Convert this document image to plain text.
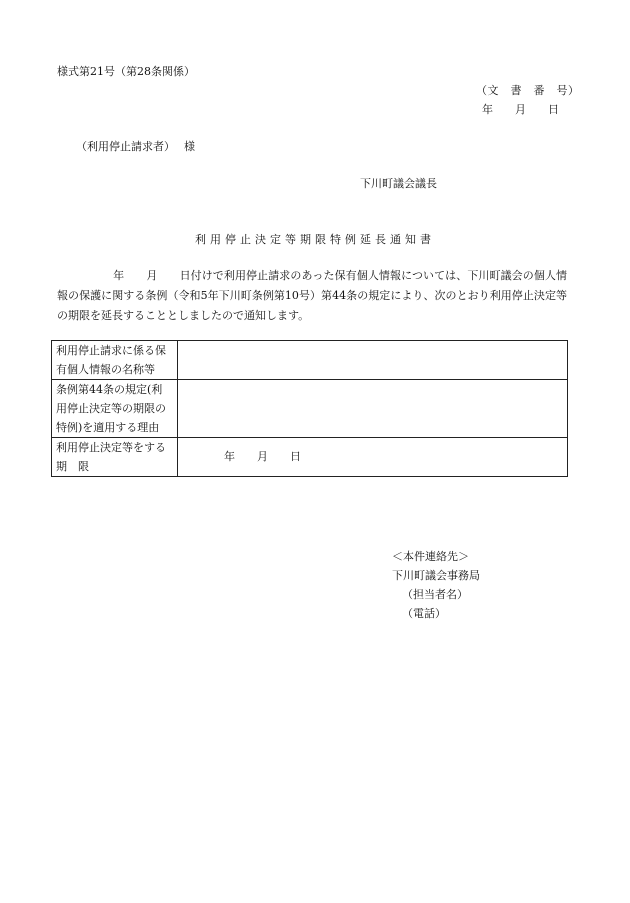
様式第21号（第28条関係）
（文　書　番　号）
年　　月　　日
（利用停止請求者）　 様
下川町議会議長
利用停止決定等期限特例延長通知書
年　　月　　日付けで利用停止請求のあった保有個人情報については、下川町議会の個人情報の保護に関する条例（令和5年下川町条例第10号）第44条の規定により、次のとおり利用停止決定等の期限を延長することとしましたので通知します。
利用停止請求に係る保有個人情報の名称等	
条例第44条の規定(利用停止決定等の期限の特例)を適用する理由	
利用停止決定等をする　期　限	年　　月　　日
＜本件連絡先＞
下川町議会事務局
（担当者名）
（電話）
